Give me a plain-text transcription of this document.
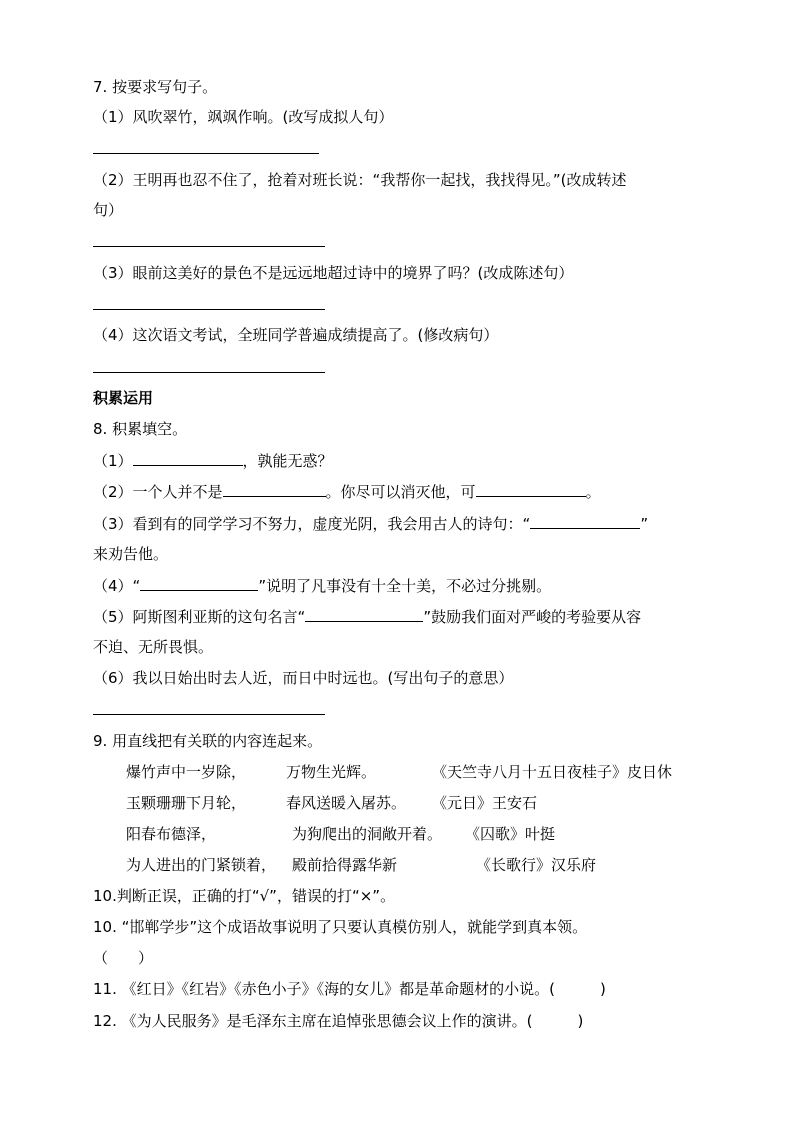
7. 按要求写句子。
（1）风吹翠竹，飒飒作响。(改写成拟人句）
（2）王明再也忍不住了，抢着对班长说：“我帮你一起找，我找得见。”(改成转述
句）
（3）眼前这美好的景色不是远远地超过诗中的境界了吗？(改成陈述句）
（4）这次语文考试，全班同学普遍成绩提高了。(修改病句）
积累运用
8. 积累填空。
（1）	，孰能无惑？
（2）一个人并不是	。你尽可以消灭他，可	。
（3）看到有的同学学习不努力，虚度光阴，我会用古人的诗句：“	”
来劝告他。
（4）“	”说明了凡事没有十全十美，不必过分挑剔。
（5）阿斯图利亚斯的这句名言“	”鼓励我们面对严峻的考验要从容
不迫、无所畏惧。
（6）我以日始出时去人近，而日中时远也。(写出句子的意思）
9. 用直线把有关联的内容连起来。
爆竹声中一岁除，	万物生光辉。	《天竺寺八月十五日夜桂子》皮日休
玉颗珊珊下月轮，	春风送暖入屠苏。 《元日》王安石
阳春布德泽，	为狗爬出的洞敞开着。 《囚歌》叶挺
为人进出的门紧锁着， 殿前拾得露华新	《长歌行》汉乐府
10.判断正误，正确的打“√”，错误的打“×”。
10. “邯郸学步”这个成语故事说明了只要认真模仿别人，就能学到真本领。
（　　）
11. 《红日》《红岩》《赤色小子》《海的女儿》都是革命题材的小说。(　　　)
12. 《为人民服务》是毛泽东主席在追悼张思德会议上作的演讲。(　　　)
